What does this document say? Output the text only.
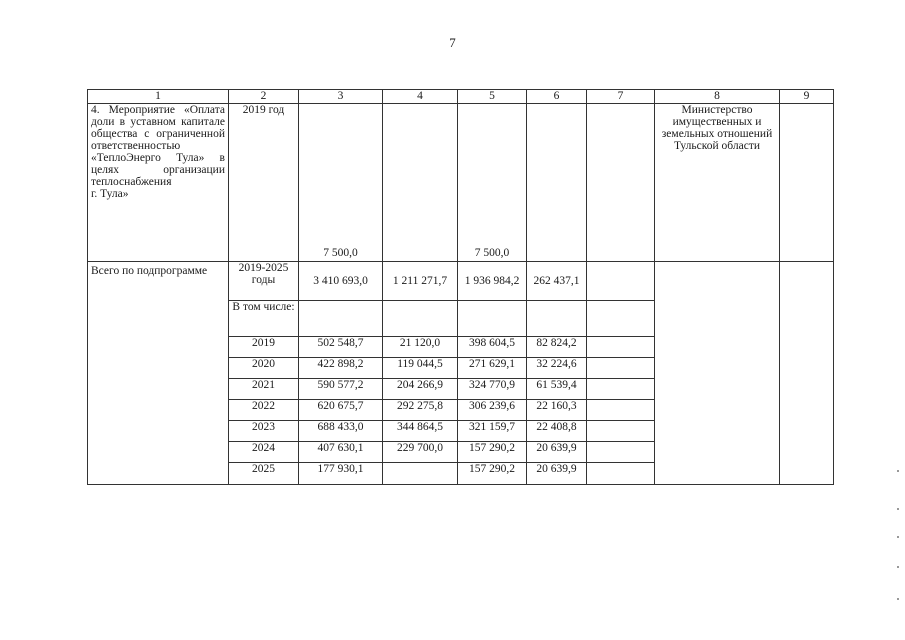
7
1	2	3	4	5	6	7	8	9
4. Мероприятие «Оплата доли в уставном капитале общества с ограниченной ответственностью «ТеплоЭнерго Тула» в целях организации теплоснабжения
г. Тула»	2019 год	7 500,0		7 500,0			Министерство имущественных и земельных отношений Тульской области	
Всего по подпрограмме	2019-2025 годы	3 410 693,0	1 211 271,7	1 936 984,2	262 437,1			
	В том числе:							
	2019	502 548,7	21 120,0	398 604,5	82 824,2			
	2020	422 898,2	119 044,5	271 629,1	32 224,6			
	2021	590 577,2	204 266,9	324 770,9	61 539,4			
	2022	620 675,7	292 275,8	306 239,6	22 160,3			
	2023	688 433,0	344 864,5	321 159,7	22 408,8			
	2024	407 630,1	229 700,0	157 290,2	20 639,9			
	2025	177 930,1		157 290,2	20 639,9			
